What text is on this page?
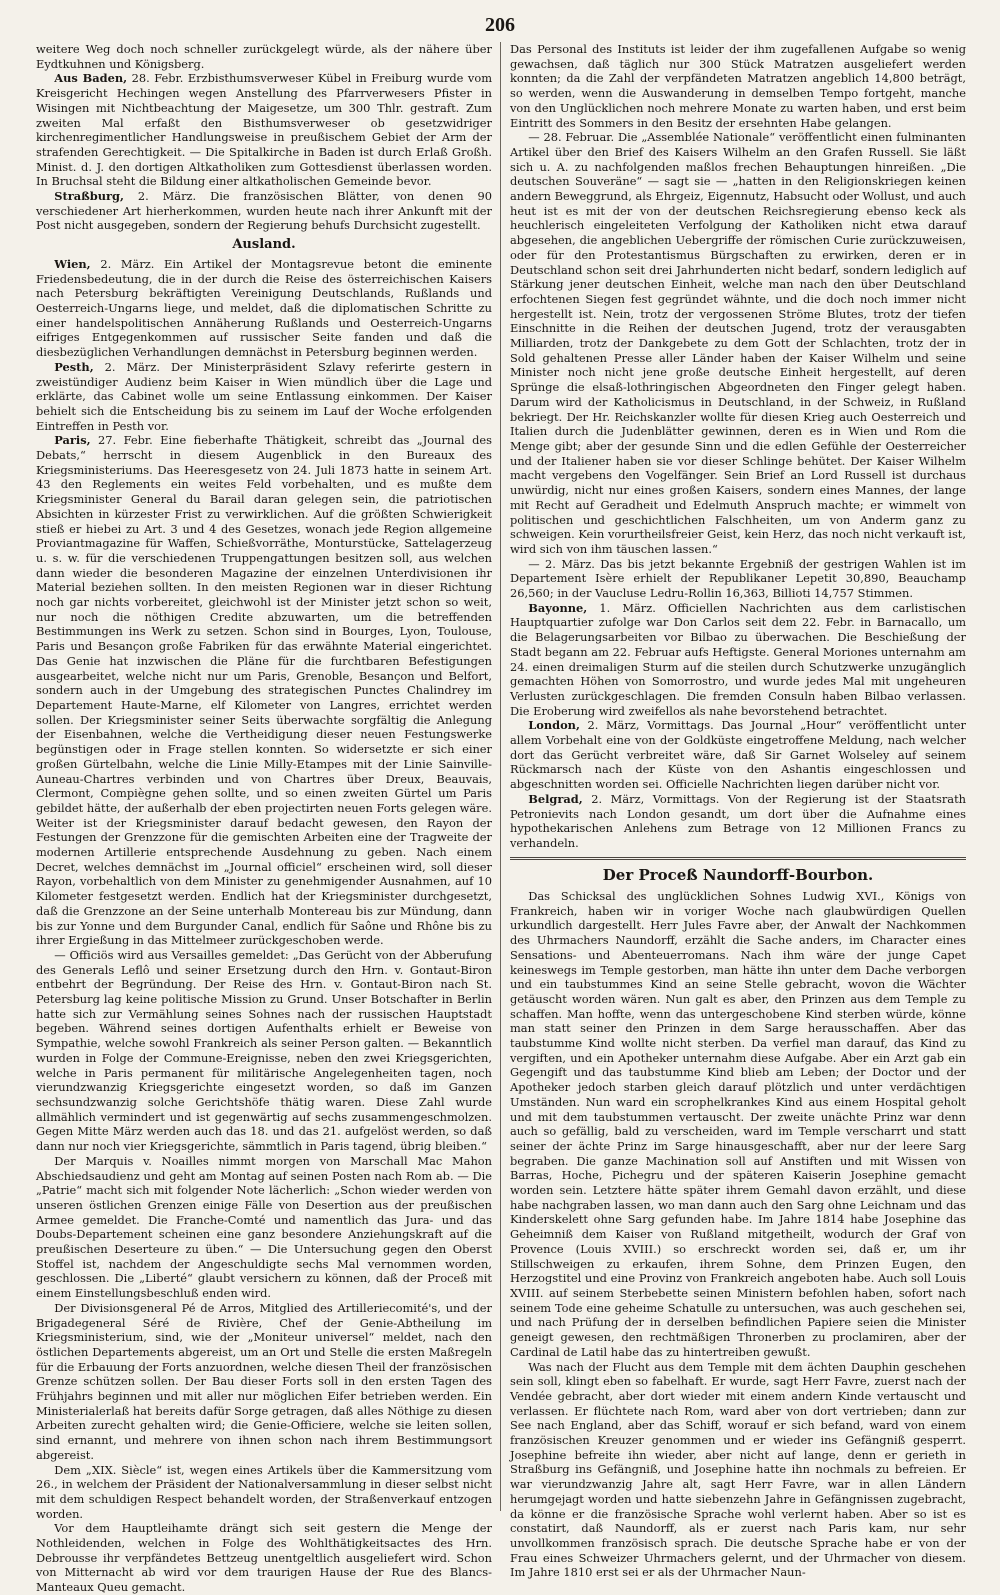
206

weitere Weg doch noch schneller zurückgelegt würde, als der nähere über Eydtkuhnen und Königsberg.

Aus Baden, 28. Febr. Erzbisthumsverweser Kübel in Freiburg wurde vom Kreisgericht Hechingen wegen Anstellung des Pfarrverwesers Pfister in Wisingen mit Nichtbeachtung der Maigesetze, um 300 Thlr. gestraft. Zum zweiten Mal erfaßt den Bisthumsverweser ob gesetzwidriger kirchenregimentlicher Handlungsweise in preußischem Gebiet der Arm der strafenden Gerechtigkeit. — Die Spitalkirche in Baden ist durch Erlaß Großh. Minist. d. J. den dortigen Altkatholiken zum Gottesdienst überlassen worden. In Bruchsal steht die Bildung einer altkatholischen Gemeinde bevor.

Straßburg, 2. März. Die französischen Blätter, von denen 90 verschiedener Art hierherkommen, wurden heute nach ihrer Ankunft mit der Post nicht ausgegeben, sondern der Regierung behufs Durchsicht zugestellt.

Ausland.

Wien, 2. März. Ein Artikel der Montagsrevue betont die eminente Friedensbedeutung, die in der durch die Reise des österreichischen Kaisers nach Petersburg bekräftigten Vereinigung Deutschlands, Rußlands und Oesterreich-Ungarns liege, und meldet, daß die diplomatischen Schritte zu einer handelspolitischen Annäherung Rußlands und Oesterreich-Ungarns eifriges Entgegenkommen auf russischer Seite fanden und daß die diesbezüglichen Verhandlungen demnächst in Petersburg beginnen werden.

Pesth, 2. März. Der Ministerpräsident Szlavy referirte gestern in zweistündiger Audienz beim Kaiser in Wien mündlich über die Lage und erklärte, das Cabinet wolle um seine Entlassung einkommen. Der Kaiser behielt sich die Entscheidung bis zu seinem im Lauf der Woche erfolgenden Eintreffen in Pesth vor.

Paris, 27. Febr. Eine fieberhafte Thätigkeit, schreibt das „Journal des Debats,“ herrscht in diesem Augenblick in den Bureaux des Kriegsministeriums. Das Heeresgesetz von 24. Juli 1873 hatte in seinem Art. 43 den Reglements ein weites Feld vorbehalten, und es mußte dem Kriegsminister General du Barail daran gelegen sein, die patriotischen Absichten in kürzester Frist zu verwirklichen. Auf die größten Schwierigkeit stieß er hiebei zu Art. 3 und 4 des Gesetzes, wonach jede Region allgemeine Proviantmagazine für Waffen, Schießvorräthe, Monturstücke, Sattelagerzeug u. s. w. für die verschiedenen Truppengattungen besitzen soll, aus welchen dann wieder die besonderen Magazine der einzelnen Unterdivisionen ihr Material beziehen sollten. In den meisten Regionen war in dieser Richtung noch gar nichts vorbereitet, gleichwohl ist der Minister jetzt schon so weit, nur noch die nöthigen Credite abzuwarten, um die betreffenden Bestimmungen ins Werk zu setzen. Schon sind in Bourges, Lyon, Toulouse, Paris und Besançon große Fabriken für das erwähnte Material eingerichtet. Das Genie hat inzwischen die Pläne für die furchtbaren Befestigungen ausgearbeitet, welche nicht nur um Paris, Grenoble, Besançon und Belfort, sondern auch in der Umgebung des strategischen Punctes Chalindrey im Departement Haute-Marne, elf Kilometer von Langres, errichtet werden sollen. Der Kriegsminister seiner Seits überwachte sorgfältig die Anlegung der Eisenbahnen, welche die Vertheidigung dieser neuen Festungswerke begünstigen oder in Frage stellen konnten. So widersetzte er sich einer großen Gürtelbahn, welche die Linie Milly-Etampes mit der Linie Sainville-Auneau-Chartres verbinden und von Chartres über Dreux, Beauvais, Clermont, Compiègne gehen sollte, und so einen zweiten Gürtel um Paris gebildet hätte, der außerhalb der eben projectirten neuen Forts gelegen wäre. Weiter ist der Kriegsminister darauf bedacht gewesen, den Rayon der Festungen der Grenzzone für die gemischten Arbeiten eine der Tragweite der modernen Artillerie entsprechende Ausdehnung zu geben. Nach einem Decret, welches demnächst im „Journal officiel“ erscheinen wird, soll dieser Rayon, vorbehaltlich von dem Minister zu genehmigender Ausnahmen, auf 10 Kilometer festgesetzt werden. Endlich hat der Kriegsminister durchgesetzt, daß die Grenzzone an der Seine unterhalb Montereau bis zur Mündung, dann bis zur Yonne und dem Burgunder Canal, endlich für Saône und Rhône bis zu ihrer Ergießung in das Mittelmeer zurückgeschoben werde.

— Officiös wird aus Versailles gemeldet: „Das Gerücht von der Abberufung des Generals Leflô und seiner Ersetzung durch den Hrn. v. Gontaut-Biron entbehrt der Begründung. Der Reise des Hrn. v. Gontaut-Biron nach St. Petersburg lag keine politische Mission zu Grund. Unser Botschafter in Berlin hatte sich zur Vermählung seines Sohnes nach der russischen Hauptstadt begeben. Während seines dortigen Aufenthalts erhielt er Beweise von Sympathie, welche sowohl Frankreich als seiner Person galten. — Bekanntlich wurden in Folge der Commune-Ereignisse, neben den zwei Kriegsgerichten, welche in Paris permanent für militärische Angelegenheiten tagen, noch vierundzwanzig Kriegsgerichte eingesetzt worden, so daß im Ganzen sechsundzwanzig solche Gerichtshöfe thätig waren. Diese Zahl wurde allmählich vermindert und ist gegenwärtig auf sechs zusammengeschmolzen. Gegen Mitte März werden auch das 18. und das 21. aufgelöst werden, so daß dann nur noch vier Kriegsgerichte, sämmtlich in Paris tagend, übrig bleiben.“

Der Marquis v. Noailles nimmt morgen von Marschall Mac Mahon Abschiedsaudienz und geht am Montag auf seinen Posten nach Rom ab. — Die „Patrie“ macht sich mit folgender Note lächerlich: „Schon wieder werden von unseren östlichen Grenzen einige Fälle von Desertion aus der preußischen Armee gemeldet. Die Franche-Comté und namentlich das Jura- und das Doubs-Departement scheinen eine ganz besondere Anziehungskraft auf die preußischen Deserteure zu üben.“ — Die Untersuchung gegen den Oberst Stoffel ist, nachdem der Angeschuldigte sechs Mal vernommen worden, geschlossen. Die „Liberté“ glaubt versichern zu können, daß der Proceß mit einem Einstellungsbeschluß enden wird.

Der Divisionsgeneral Pé de Arros, Mitglied des Artilleriecomité's, und der Brigadegeneral Séré de Rivière, Chef der Genie-Abtheilung im Kriegsministerium, sind, wie der „Moniteur universel“ meldet, nach den östlichen Departements abgereist, um an Ort und Stelle die ersten Maßregeln für die Erbauung der Forts anzuordnen, welche diesen Theil der französischen Grenze schützen sollen. Der Bau dieser Forts soll in den ersten Tagen des Frühjahrs beginnen und mit aller nur möglichen Eifer betrieben werden. Ein Ministerialerlaß hat bereits dafür Sorge getragen, daß alles Nöthige zu diesen Arbeiten zurecht gehalten wird; die Genie-Officiere, welche sie leiten sollen, sind ernannt, und mehrere von ihnen schon nach ihrem Bestimmungsort abgereist.

Dem „XIX. Siècle“ ist, wegen eines Artikels über die Kammersitzung vom 26., in welchem der Präsident der Nationalversammlung in dieser selbst nicht mit dem schuldigen Respect behandelt worden, der Straßenverkauf entzogen worden.

Vor dem Hauptleihamte drängt sich seit gestern die Menge der Nothleidenden, welchen in Folge des Wohlthätigkeitsactes des Hrn. Debrousse ihr verpfändetes Bettzeug unentgeltlich ausgeliefert wird. Schon von Mitternacht ab wird vor dem traurigen Hause der Rue des Blancs-Manteaux Queu gemacht.

Das Personal des Instituts ist leider der ihm zugefallenen Aufgabe so wenig gewachsen, daß täglich nur 300 Stück Matratzen ausgeliefert werden konnten; da die Zahl der verpfändeten Matratzen angeblich 14,800 beträgt, so werden, wenn die Auswanderung in demselben Tempo fortgeht, manche von den Unglücklichen noch mehrere Monate zu warten haben, und erst beim Eintritt des Sommers in den Besitz der ersehnten Habe gelangen.

— 28. Februar. Die „Assemblée Nationale“ veröffentlicht einen fulminanten Artikel über den Brief des Kaisers Wilhelm an den Grafen Russell. Sie läßt sich u. A. zu nachfolgenden maßlos frechen Behauptungen hinreißen. „Die deutschen Souveräne“ — sagt sie — „hatten in den Religionskriegen keinen andern Beweggrund, als Ehrgeiz, Eigennutz, Habsucht oder Wollust, und auch heut ist es mit der von der deutschen Reichsregierung ebenso keck als heuchlerisch eingeleiteten Verfolgung der Katholiken nicht etwa darauf abgesehen, die angeblichen Uebergriffe der römischen Curie zurückzuweisen, oder für den Protestantismus Bürgschaften zu erwirken, deren er in Deutschland schon seit drei Jahrhunderten nicht bedarf, sondern lediglich auf Stärkung jener deutschen Einheit, welche man nach den über Deutschland erfochtenen Siegen fest gegründet wähnte, und die doch noch immer nicht hergestellt ist. Nein, trotz der vergossenen Ströme Blutes, trotz der tiefen Einschnitte in die Reihen der deutschen Jugend, trotz der verausgabten Milliarden, trotz der Dankgebete zu dem Gott der Schlachten, trotz der in Sold gehaltenen Presse aller Länder haben der Kaiser Wilhelm und seine Minister noch nicht jene große deutsche Einheit hergestellt, auf deren Sprünge die elsaß-lothringischen Abgeordneten den Finger gelegt haben. Darum wird der Katholicismus in Deutschland, in der Schweiz, in Rußland bekriegt. Der Hr. Reichskanzler wollte für diesen Krieg auch Oesterreich und Italien durch die Judenblätter gewinnen, deren es in Wien und Rom die Menge gibt; aber der gesunde Sinn und die edlen Gefühle der Oesterreicher und der Italiener haben sie vor dieser Schlinge behütet. Der Kaiser Wilhelm macht vergebens den Vogelfänger. Sein Brief an Lord Russell ist durchaus unwürdig, nicht nur eines großen Kaisers, sondern eines Mannes, der lange mit Recht auf Geradheit und Edelmuth Anspruch machte; er wimmelt von politischen und geschichtlichen Falschheiten, um von Anderm ganz zu schweigen. Kein vorurtheilsfreier Geist, kein Herz, das noch nicht verkauft ist, wird sich von ihm täuschen lassen.“

— 2. März. Das bis jetzt bekannte Ergebniß der gestrigen Wahlen ist im Departement Isère erhielt der Republikaner Lepetit 30,890, Beauchamp 26,560; in der Vaucluse Ledru-Rollin 16,363, Billioti 14,757 Stimmen.

Bayonne, 1. März. Officiellen Nachrichten aus dem carlistischen Hauptquartier zufolge war Don Carlos seit dem 22. Febr. in Barnacallo, um die Belagerungsarbeiten vor Bilbao zu überwachen. Die Beschießung der Stadt begann am 22. Februar aufs Heftigste. General Moriones unternahm am 24. einen dreimaligen Sturm auf die steilen durch Schutzwerke unzugänglich gemachten Höhen von Somorrostro, und wurde jedes Mal mit ungeheuren Verlusten zurückgeschlagen. Die fremden Consuln haben Bilbao verlassen. Die Eroberung wird zweifellos als nahe bevorstehend betrachtet.

London, 2. März, Vormittags. Das Journal „Hour“ veröffentlicht unter allem Vorbehalt eine von der Goldküste eingetroffene Meldung, nach welcher dort das Gerücht verbreitet wäre, daß Sir Garnet Wolseley auf seinem Rückmarsch nach der Küste von den Ashantis eingeschlossen und abgeschnitten worden sei. Officielle Nachrichten liegen darüber nicht vor.

Belgrad, 2. März, Vormittags. Von der Regierung ist der Staatsrath Petronievits nach London gesandt, um dort über die Aufnahme eines hypothekarischen Anlehens zum Betrage von 12 Millionen Francs zu verhandeln.

Der Proceß Naundorff-Bourbon.

Das Schicksal des unglücklichen Sohnes Ludwig XVI., Königs von Frankreich, haben wir in voriger Woche nach glaubwürdigen Quellen urkundlich dargestellt. Herr Jules Favre aber, der Anwalt der Nachkommen des Uhrmachers Naundorff, erzählt die Sache anders, im Character eines Sensations- und Abenteuerromans. Nach ihm wäre der junge Capet keineswegs im Temple gestorben, man hätte ihn unter dem Dache verborgen und ein taubstummes Kind an seine Stelle gebracht, wovon die Wächter getäuscht worden wären. Nun galt es aber, den Prinzen aus dem Temple zu schaffen. Man hoffte, wenn das untergeschobene Kind sterben würde, könne man statt seiner den Prinzen in dem Sarge herausschaffen. Aber das taubstumme Kind wollte nicht sterben. Da verfiel man darauf, das Kind zu vergiften, und ein Apotheker unternahm diese Aufgabe. Aber ein Arzt gab ein Gegengift und das taubstumme Kind blieb am Leben; der Doctor und der Apotheker jedoch starben gleich darauf plötzlich und unter verdächtigen Umständen. Nun ward ein scrophelkrankes Kind aus einem Hospital geholt und mit dem taubstummen vertauscht. Der zweite unächte Prinz war denn auch so gefällig, bald zu verscheiden, ward im Temple verscharrt und statt seiner der ächte Prinz im Sarge hinausgeschafft, aber nur der leere Sarg begraben. Die ganze Machination soll auf Anstiften und mit Wissen von Barras, Hoche, Pichegru und der späteren Kaiserin Josephine gemacht worden sein. Letztere hätte später ihrem Gemahl davon erzählt, und diese habe nachgraben lassen, wo man dann auch den Sarg ohne Leichnam und das Kinderskelett ohne Sarg gefunden habe. Im Jahre 1814 habe Josephine das Geheimniß dem Kaiser von Rußland mitgetheilt, wodurch der Graf von Provence (Louis XVIII.) so erschreckt worden sei, daß er, um ihr Stillschweigen zu erkaufen, ihrem Sohne, dem Prinzen Eugen, den Herzogstitel und eine Provinz von Frankreich angeboten habe. Auch soll Louis XVIII. auf seinem Sterbebette seinen Ministern befohlen haben, sofort nach seinem Tode eine geheime Schatulle zu untersuchen, was auch geschehen sei, und nach Prüfung der in derselben befindlichen Papiere seien die Minister geneigt gewesen, den rechtmäßigen Thronerben zu proclamiren, aber der Cardinal de Latil habe das zu hintertreiben gewußt.

Was nach der Flucht aus dem Temple mit dem ächten Dauphin geschehen sein soll, klingt eben so fabelhaft. Er wurde, sagt Herr Favre, zuerst nach der Vendée gebracht, aber dort wieder mit einem andern Kinde vertauscht und verlassen. Er flüchtete nach Rom, ward aber von dort vertrieben; dann zur See nach England, aber das Schiff, worauf er sich befand, ward von einem französischen Kreuzer genommen und er wieder ins Gefängniß gesperrt. Josephine befreite ihn wieder, aber nicht auf lange, denn er gerieth in Straßburg ins Gefängniß, und Josephine hatte ihn nochmals zu befreien. Er war vierundzwanzig Jahre alt, sagt Herr Favre, war in allen Ländern herumgejagt worden und hatte siebenzehn Jahre in Gefängnissen zugebracht, da könne er die französische Sprache wohl verlernt haben. Aber so ist es constatirt, daß Naundorff, als er zuerst nach Paris kam, nur sehr unvollkommen französisch sprach. Die deutsche Sprache habe er von der Frau eines Schweizer Uhrmachers gelernt, und der Uhrmacher von diesem. Im Jahre 1810 erst sei er als der Uhrmacher Naun-
